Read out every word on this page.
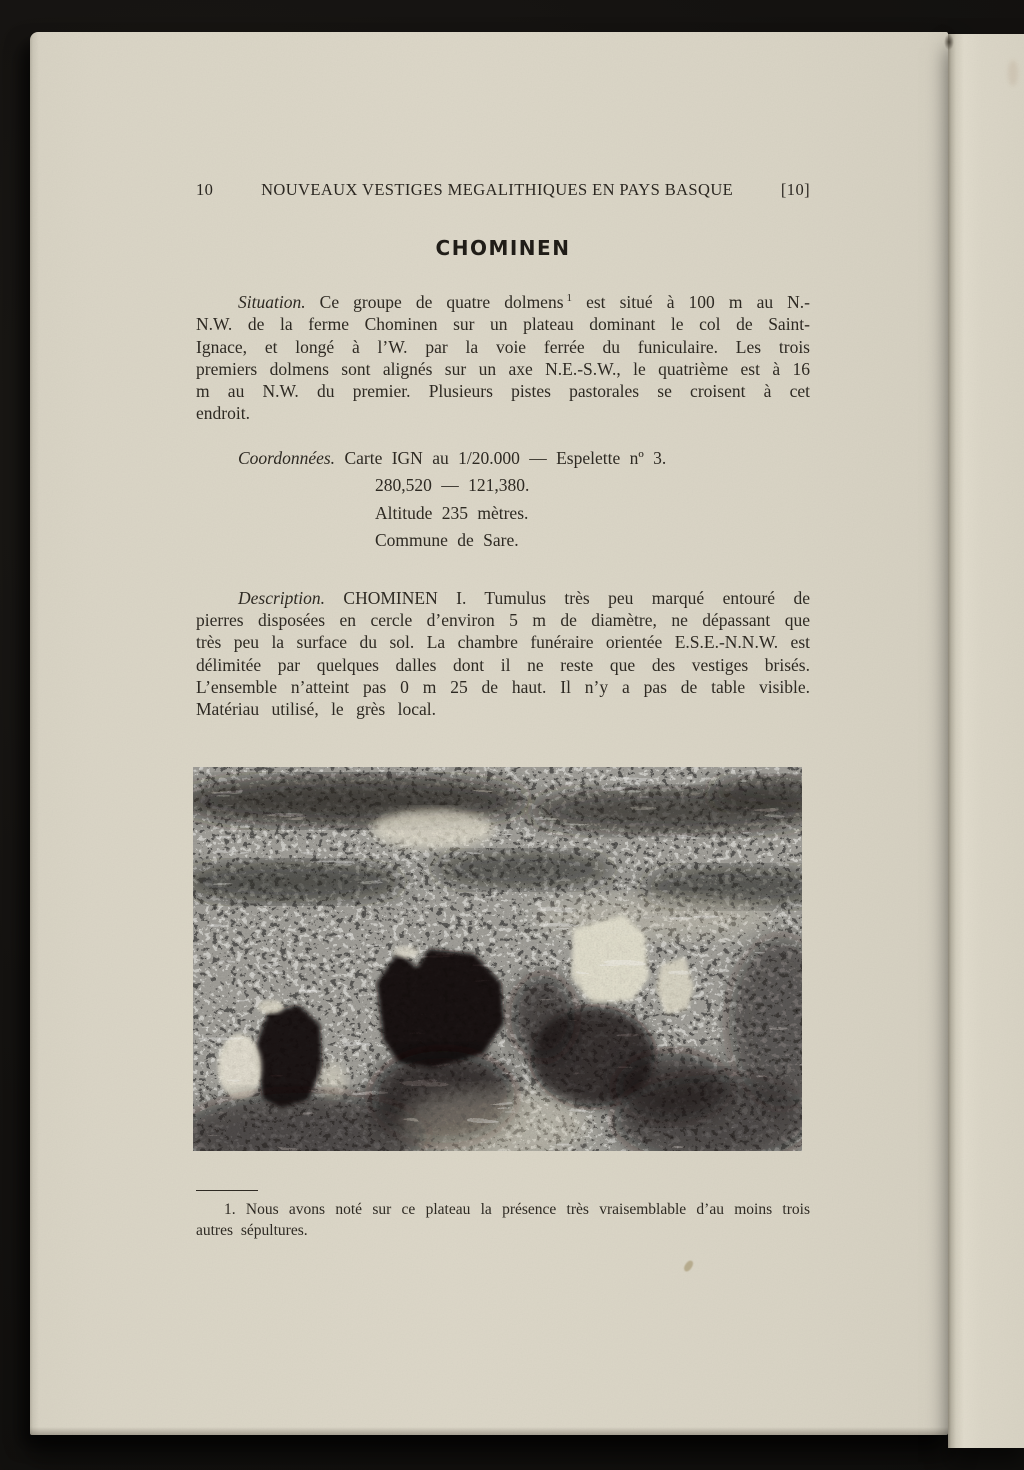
10	NOUVEAUX VESTIGES MEGALITHIQUES EN PAYS BASQUE	[10]
CHOMINEN

Situation. Ce groupe de quatre dolmens $^1$ est situé à 100 m au N.-N.W. de la ferme Chominen sur un plateau dominant le col de Saint-Ignace, et longé à l’W. par la voie ferrée du funiculaire. Les trois premiers dolmens sont alignés sur un axe N.E.-S.W., le quatrième est à 16 m au N.W. du premier. Plusieurs pistes pastorales se croisent à cet endroit.

Coordonnées. Carte IGN au 1/20.000 — Espelette nº 3.
280,520 — 121,380.
Altitude 235 mètres.
Commune de Sare.

Description. CHOMINEN I. Tumulus très peu marqué entouré de pierres disposées en cercle d’environ 5 m de diamètre, ne dépassant que très peu la surface du sol. La chambre funéraire orientée E.S.E.-N.N.W. est délimitée par quelques dalles dont il ne reste que des vestiges brisés. L’ensemble n’atteint pas 0 m 25 de haut. Il n’y a pas de table visible. Matériau utilisé, le grès local.

1. Nous avons noté sur ce plateau la présence très vraisemblable d’au moins trois autres sépultures.
